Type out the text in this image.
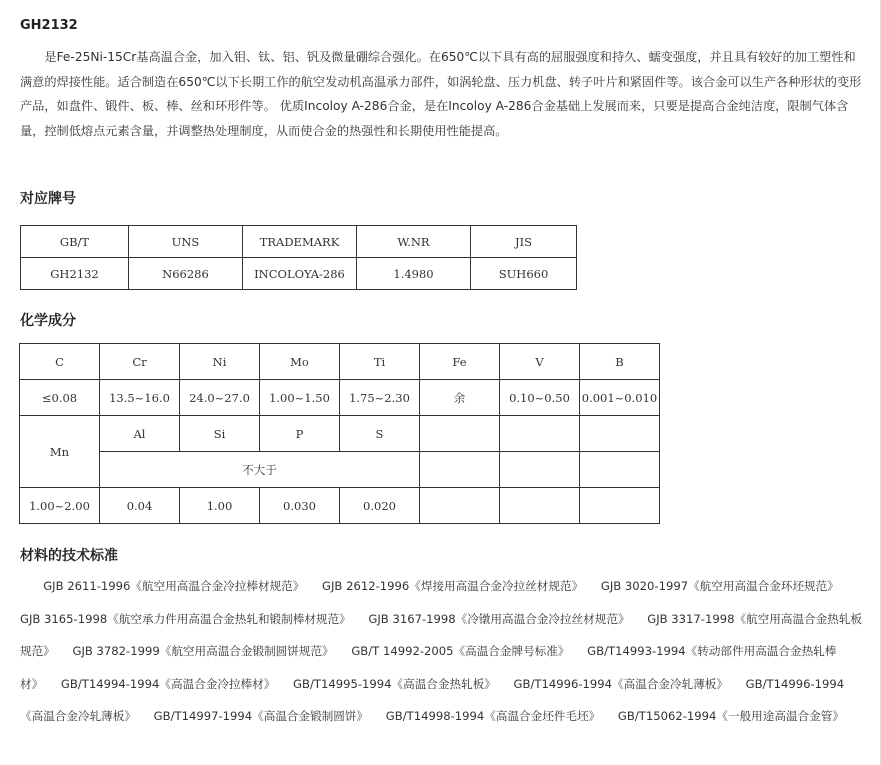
GH2132

是Fe-25Ni-15Cr基高温合金，加入钼、钛、铝、钒及微量硼综合强化。在650℃以下具有高的屈服强度和持久、蠕变强度，并且具有较好的加工塑性和满意的焊接性能。适合制造在650℃以下长期工作的航空发动机高温承力部件，如涡轮盘、压力机盘、转子叶片和紧固件等。该合金可以生产各种形状的变形产品，如盘件、锻件、板、棒、丝和环形件等。 优质Incoloy A-286合金，是在Incoloy A-286合金基础上发展而来，只要是提高合金纯洁度，限制气体含量，控制低熔点元素含量，并调整热处理制度，从而使合金的热强性和长期使用性能提高。

对应牌号
GB/T	UNS	TRADEMARK	W.NR	JIS
GH2132	N66286	INCOLOYA-286	1.4980	SUH660
化学成分
C	Cr	Ni	Mo	Ti	Fe	V	B
≤0.08	13.5~16.0	24.0~27.0	1.00~1.50	1.75~2.30	余	0.10~0.50	0.001~0.010
Mn	Al	Si	P	S			
	不大于						
1.00~2.00	0.04	1.00	0.030	0.020			
材料的技术标准

GJB 2611-1996《航空用高温合金冷拉棒材规范》 GJB 2612-1996《焊接用高温合金冷拉丝材规范》 GJB 3020-1997《航空用高温合金环坯规范》 GJB 3165-1998《航空承力件用高温合金热轧和锻制棒材规范》 GJB 3167-1998《冷镦用高温合金冷拉丝材规范》 GJB 3317-1998《航空用高温合金热轧板规范》 GJB 3782-1999《航空用高温合金锻制圆饼规范》 GB/T 14992-2005《高温合金牌号标准》 GB/T14993-1994《转动部件用高温合金热轧棒材》 GB/T14994-1994《高温合金冷拉棒材》 GB/T14995-1994《高温合金热轧板》 GB/T14996-1994《高温合金冷轧薄板》 GB/T14996-1994《高温合金冷轧薄板》 GB/T14997-1994《高温合金锻制圆饼》 GB/T14998-1994《高温合金坯件毛坯》 GB/T15062-1994《一般用途高温合金管》
